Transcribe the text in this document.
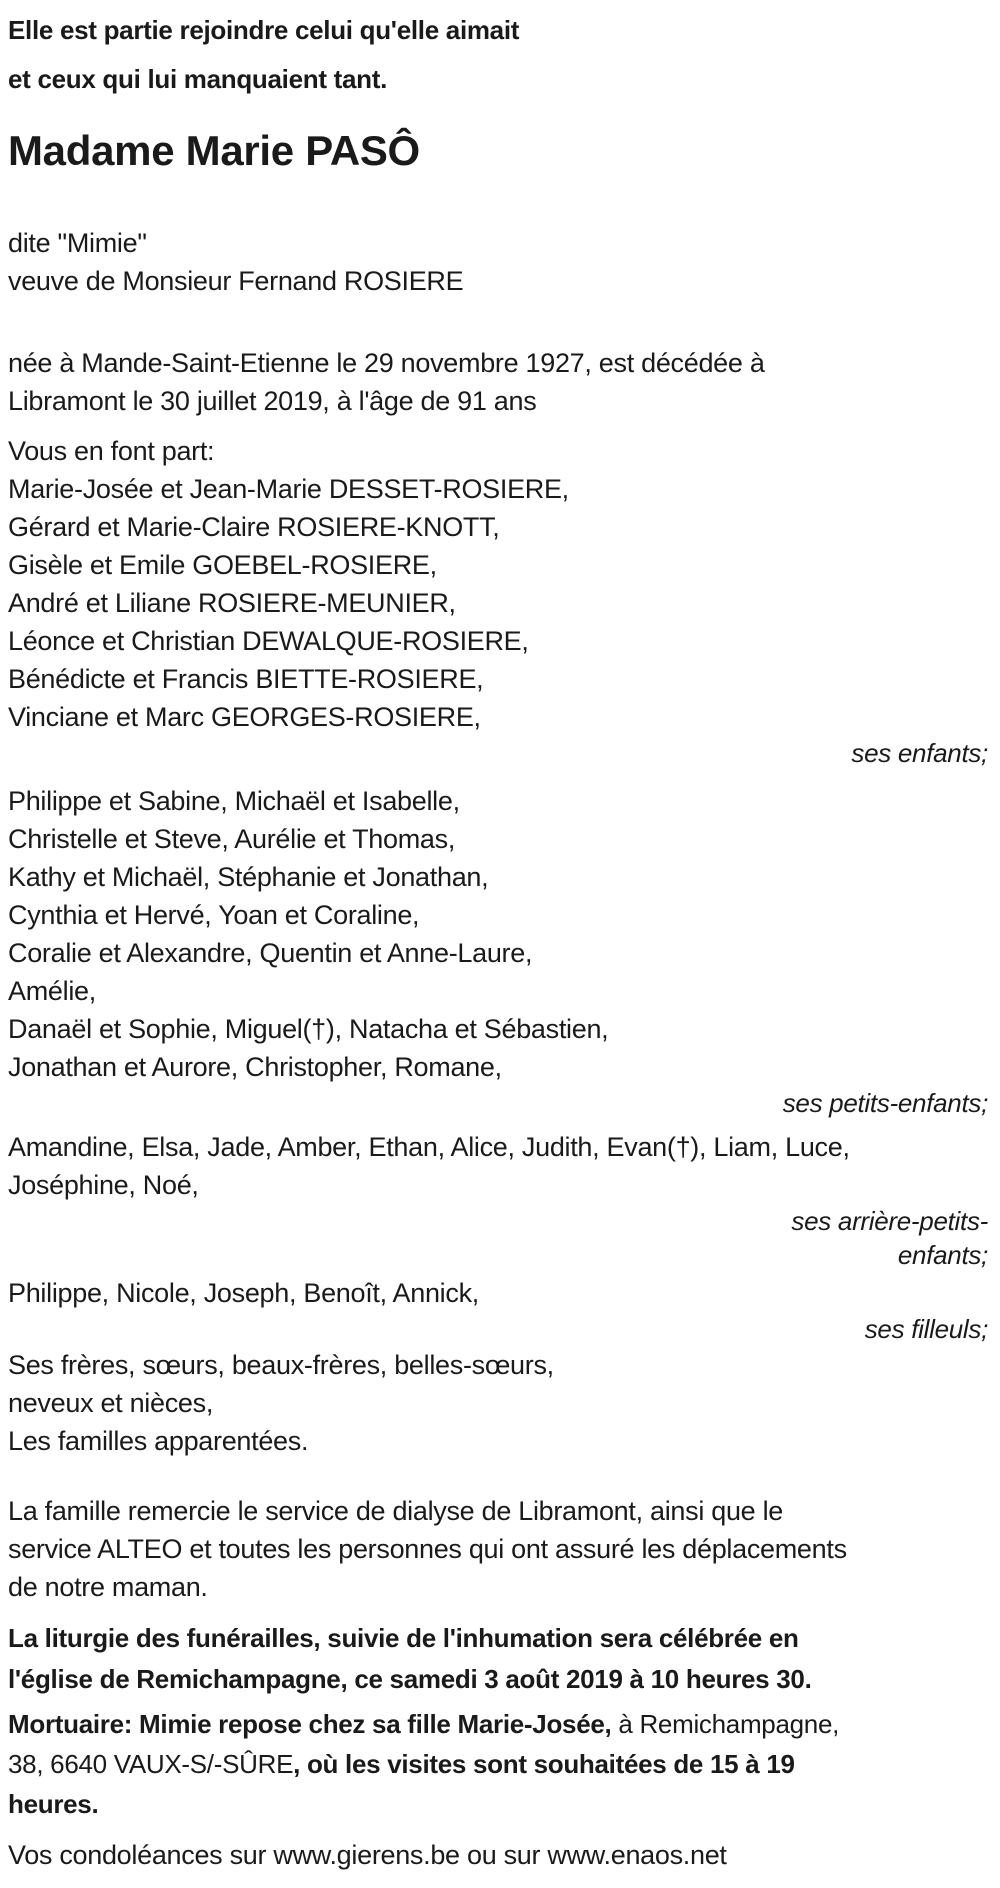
Elle est partie rejoindre celui qu'elle aimait
et ceux qui lui manquaient tant.
Madame Marie PASÔ
dite "Mimie"
veuve de Monsieur Fernand ROSIERE
née à Mande-Saint-Etienne le 29 novembre 1927, est décédée à
Libramont le 30 juillet 2019, à l'âge de 91 ans
Vous en font part:
Marie-Josée et Jean-Marie DESSET-ROSIERE,
Gérard et Marie-Claire ROSIERE-KNOTT,
Gisèle et Emile GOEBEL-ROSIERE,
André et Liliane ROSIERE-MEUNIER,
Léonce et Christian DEWALQUE-ROSIERE,
Bénédicte et Francis BIETTE-ROSIERE,
Vinciane et Marc GEORGES-ROSIERE,
ses enfants;
Philippe et Sabine, Michaël et Isabelle,
Christelle et Steve, Aurélie et Thomas,
Kathy et Michaël, Stéphanie et Jonathan,
Cynthia et Hervé, Yoan et Coraline,
Coralie et Alexandre, Quentin et Anne-Laure,
Amélie,
Danaël et Sophie, Miguel(†), Natacha et Sébastien,
Jonathan et Aurore, Christopher, Romane,
ses petits-enfants;
Amandine, Elsa, Jade, Amber, Ethan, Alice, Judith, Evan(†), Liam, Luce,
Joséphine, Noé,
ses arrière-petits-
enfants;
Philippe, Nicole, Joseph, Benoît, Annick,
ses filleuls;
Ses frères, sœurs, beaux-frères, belles-sœurs,
neveux et nièces,
Les familles apparentées.
La famille remercie le service de dialyse de Libramont, ainsi que le
service ALTEO et toutes les personnes qui ont assuré les déplacements
de notre maman.
La liturgie des funérailles, suivie de l'inhumation sera célébrée en
l'église de Remichampagne, ce samedi 3 août 2019 à 10 heures 30.
Mortuaire: Mimie repose chez sa fille Marie-Josée, à Remichampagne,
38, 6640 VAUX-S/-SÛRE, où les visites sont souhaitées de 15 à 19
heures.
Vos condoléances sur www.gierens.be ou sur www.enaos.net
